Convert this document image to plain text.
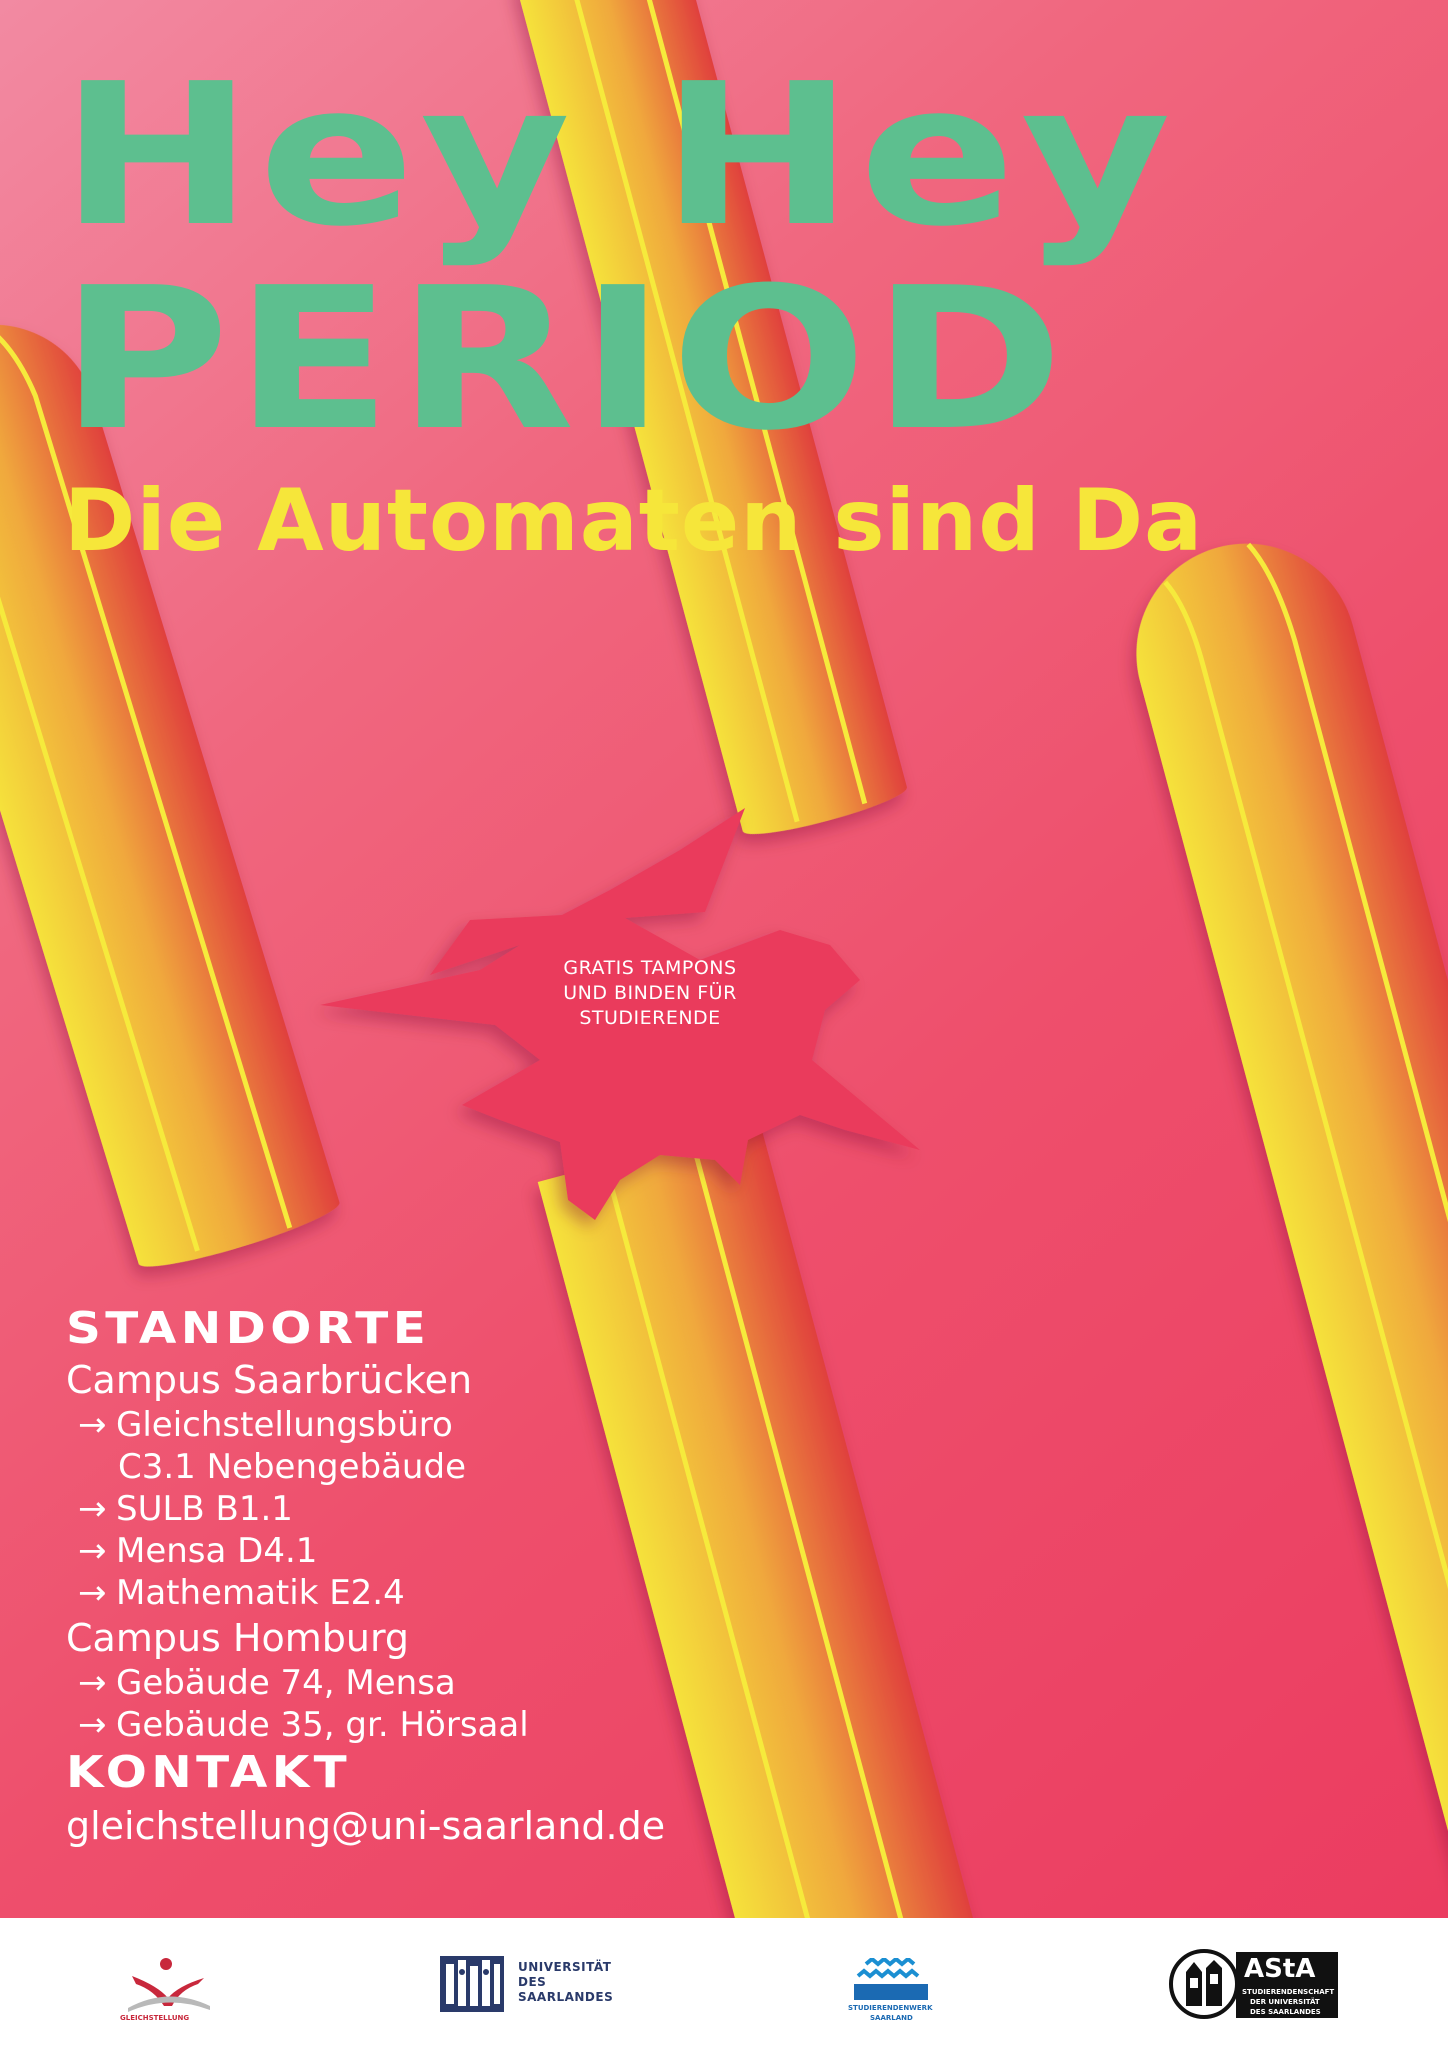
Hey Hey
PERIOD
Die Automaten sind Da
GRATIS TAMPONS
UND BINDEN FÜR
STUDIERENDE
STANDORTE
Campus Saarbrücken
→ Gleichstellungsbüro
C3.1 Nebengebäude
→ SULB B1.1
→ Mensa D4.1
→ Mathematik E2.4
Campus Homburg
→ Gebäude 74, Mensa
→ Gebäude 35, gr. Hörsaal
KONTAKT
gleichstellung@uni-saarland.de
GLEICHSTELLUNG
UNIVERSITÄT
DES
SAARLANDES
STUDIERENDENWERK
SAARLAND
AStA
STUDIERENDENSCHAFT
DER UNIVERSITÄT
DES SAARLANDES
